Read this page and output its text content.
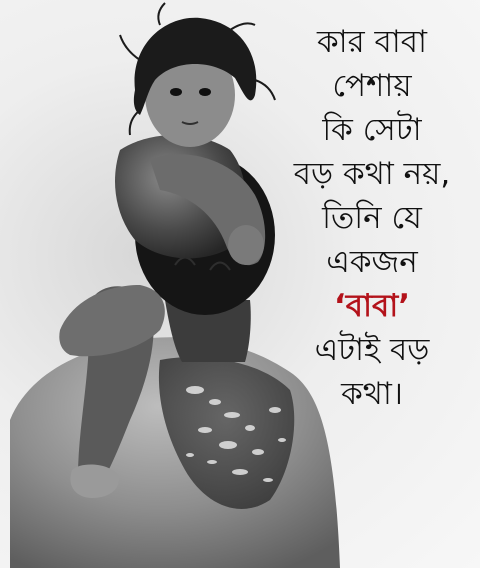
কার বাবা
পেশায়
কি সেটা
বড় কথা নয়,
তিনি যে
একজন
‘বাবা’
এটাই বড়
কথা।
